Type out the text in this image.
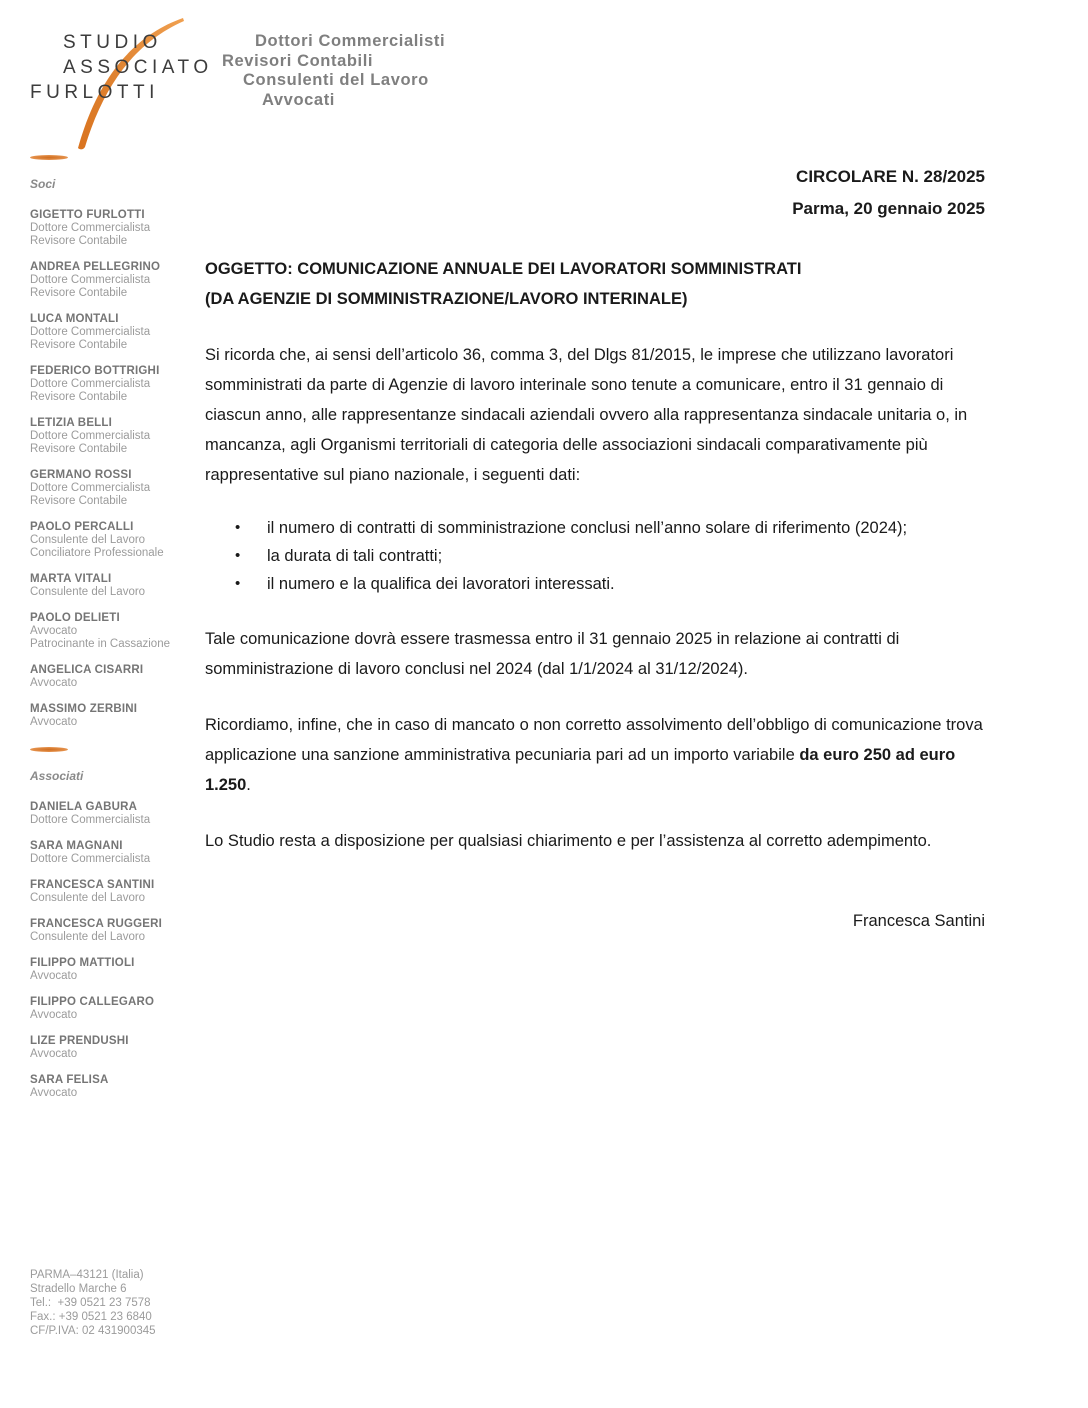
STUDIO
ASSOCIATO
FURLOTTI
Dottori Commercialisti
Revisori Contabili
Consulenti del Lavoro
Avvocati
Soci
GIGETTO FURLOTTI
Dottore Commercialista
Revisore Contabile
ANDREA PELLEGRINO
Dottore Commercialista
Revisore Contabile
LUCA MONTALI
Dottore Commercialista
Revisore Contabile
FEDERICO BOTTRIGHI
Dottore Commercialista
Revisore Contabile
LETIZIA BELLI
Dottore Commercialista
Revisore Contabile
GERMANO ROSSI
Dottore Commercialista
Revisore Contabile
PAOLO PERCALLI
Consulente del Lavoro
Conciliatore Professionale
MARTA VITALI
Consulente del Lavoro
PAOLO DELIETI
Avvocato
Patrocinante in Cassazione
ANGELICA CISARRI
Avvocato
MASSIMO ZERBINI
Avvocato
Associati
DANIELA GABURA
Dottore Commercialista
SARA MAGNANI
Dottore Commercialista
FRANCESCA SANTINI
Consulente del Lavoro
FRANCESCA RUGGERI
Consulente del Lavoro
FILIPPO MATTIOLI
Avvocato
FILIPPO CALLEGARO
Avvocato
LIZE PRENDUSHI
Avvocato
SARA FELISA
Avvocato
PARMA–43121 (Italia)
Stradello Marche 6
Tel.:  +39 0521 23 7578
Fax.: +39 0521 23 6840
CF/P.IVA: 02 431900345
CIRCOLARE N. 28/2025
Parma, 20 gennaio 2025
OGGETTO: COMUNICAZIONE ANNUALE DEI LAVORATORI SOMMINISTRATI
(DA AGENZIE DI SOMMINISTRAZIONE/LAVORO INTERINALE)
Si ricorda che, ai sensi dell’articolo 36, comma 3, del Dlgs 81/2015, le imprese che utilizzano lavoratori somministrati da parte di Agenzie di lavoro interinale sono tenute a comunicare, entro il 31 gennaio di ciascun anno, alle rappresentanze sindacali aziendali ovvero alla rappresentanza sindacale unitaria o, in mancanza, agli Organismi territoriali di categoria delle associazioni sindacali comparativamente più rappresentative sul piano nazionale, i seguenti dati:
• il numero di contratti di somministrazione conclusi nell’anno solare di riferimento (2024);
• la durata di tali contratti;
• il numero e la qualifica dei lavoratori interessati.
Tale comunicazione dovrà essere trasmessa entro il 31 gennaio 2025 in relazione ai contratti di somministrazione di lavoro conclusi nel 2024 (dal 1/1/2024 al 31/12/2024).
Ricordiamo, infine, che in caso di mancato o non corretto assolvimento dell’obbligo di comunicazione trova applicazione una sanzione amministrativa pecuniaria pari ad un importo variabile da euro 250 ad euro 1.250.
Lo Studio resta a disposizione per qualsiasi chiarimento e per l’assistenza al corretto adempimento.
Francesca Santini
